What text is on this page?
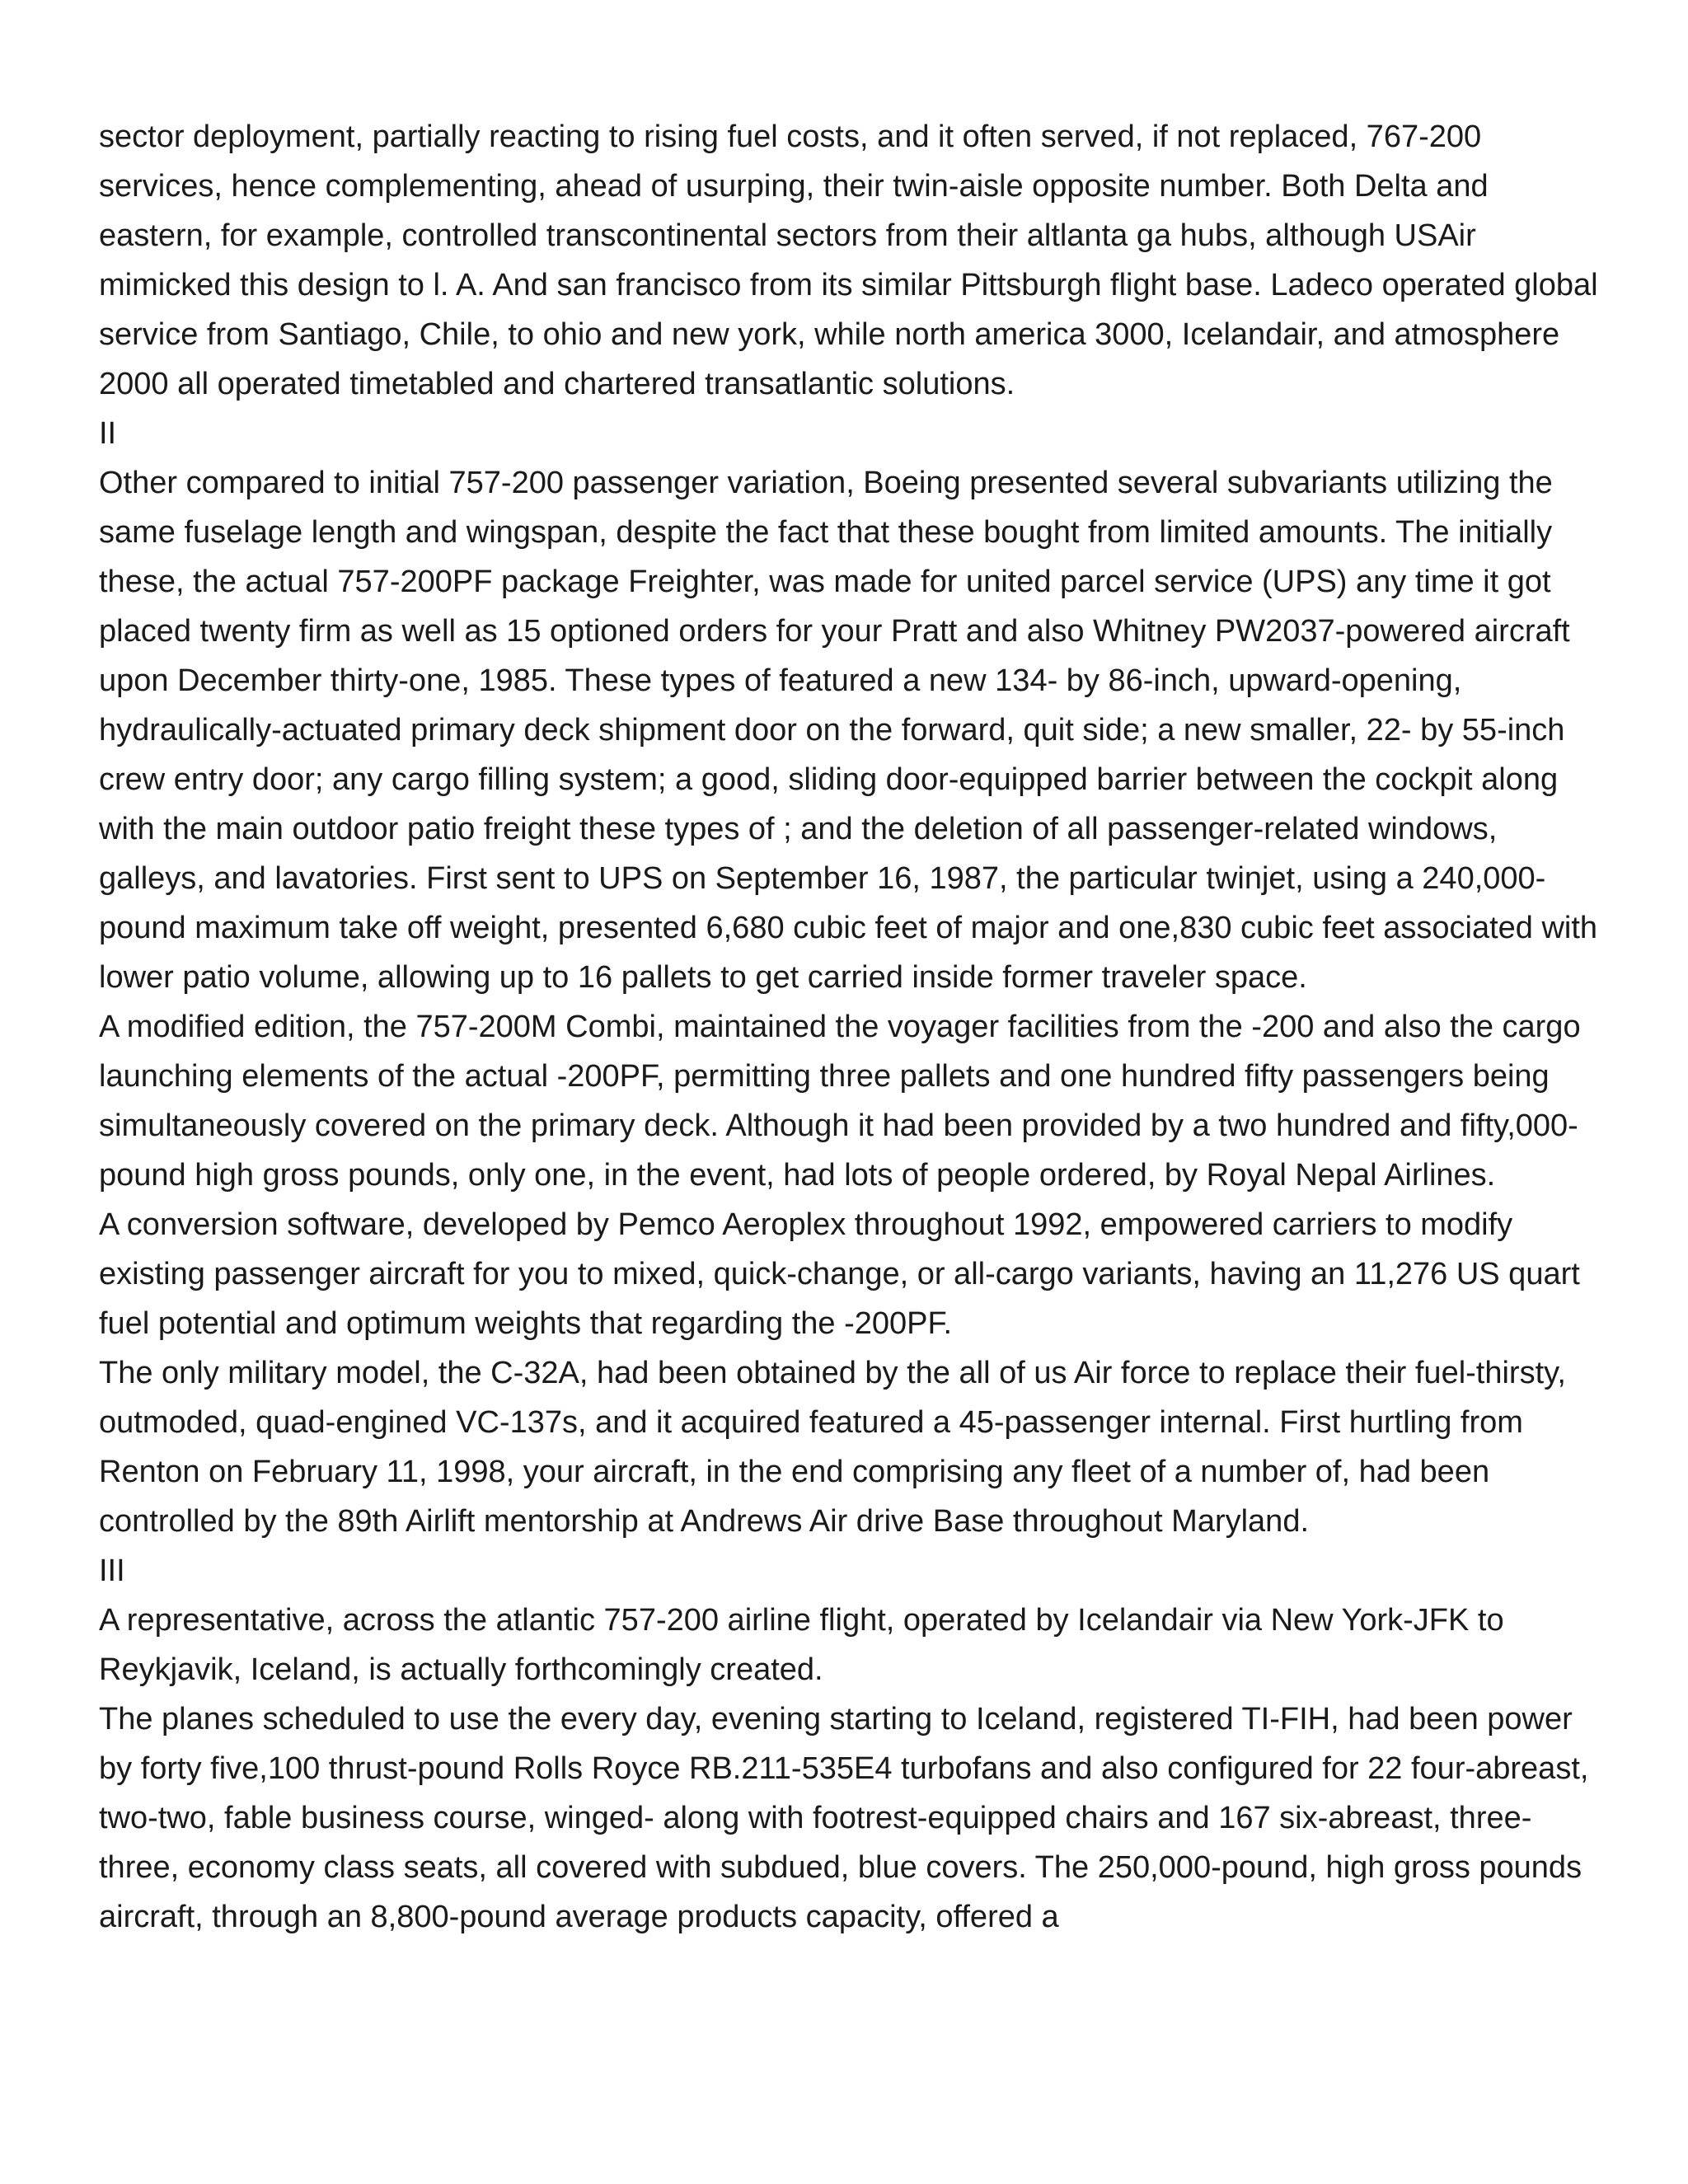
sector deployment, partially reacting to rising fuel costs, and it often served, if not replaced, 767-200 services, hence complementing, ahead of usurping, their twin-aisle opposite number. Both Delta and eastern, for example, controlled transcontinental sectors from their altlanta ga hubs, although USAir mimicked this design to l. A. And san francisco from its similar Pittsburgh flight base. Ladeco operated global service from Santiago, Chile, to ohio and new york, while north america 3000, Icelandair, and atmosphere 2000 all operated timetabled and chartered transatlantic solutions.

II

Other compared to initial 757-200 passenger variation, Boeing presented several subvariants utilizing the same fuselage length and wingspan, despite the fact that these bought from limited amounts. The initially these, the actual 757-200PF package Freighter, was made for united parcel service (UPS) any time it got placed twenty firm as well as 15 optioned orders for your Pratt and also Whitney PW2037-powered aircraft upon December thirty-one, 1985. These types of featured a new 134- by 86-inch, upward-opening, hydraulically-actuated primary deck shipment door on the forward, quit side; a new smaller, 22- by 55-inch crew entry door; any cargo filling system; a good, sliding door-equipped barrier between the cockpit along with the main outdoor patio freight these types of ; and the deletion of all passenger-related windows, galleys, and lavatories. First sent to UPS on September 16, 1987, the particular twinjet, using a 240,000-pound maximum take off weight, presented 6,680 cubic feet of major and one,830 cubic feet associated with lower patio volume, allowing up to 16 pallets to get carried inside former traveler space.

A modified edition, the 757-200M Combi, maintained the voyager facilities from the -200 and also the cargo launching elements of the actual -200PF, permitting three pallets and one hundred fifty passengers being simultaneously covered on the primary deck. Although it had been provided by a two hundred and fifty,000-pound high gross pounds, only one, in the event, had lots of people ordered, by Royal Nepal Airlines.

A conversion software, developed by Pemco Aeroplex throughout 1992, empowered carriers to modify existing passenger aircraft for you to mixed, quick-change, or all-cargo variants, having an 11,276 US quart fuel potential and optimum weights that regarding the -200PF.

The only military model, the C-32A, had been obtained by the all of us Air force to replace their fuel-thirsty, outmoded, quad-engined VC-137s, and it acquired featured a 45-passenger internal. First hurtling from Renton on February 11, 1998, your aircraft, in the end comprising any fleet of a number of, had been controlled by the 89th Airlift mentorship at Andrews Air drive Base throughout Maryland.

III

A representative, across the atlantic 757-200 airline flight, operated by Icelandair via New York-JFK to Reykjavik, Iceland, is actually forthcomingly created.

The planes scheduled to use the every day, evening starting to Iceland, registered TI-FIH, had been power by forty five,100 thrust-pound Rolls Royce RB.211-535E4 turbofans and also configured for 22 four-abreast, two-two, fable business course, winged- along with footrest-equipped chairs and 167 six-abreast, three-three, economy class seats, all covered with subdued, blue covers. The 250,000-pound, high gross pounds aircraft, through an 8,800-pound average products capacity, offered a
